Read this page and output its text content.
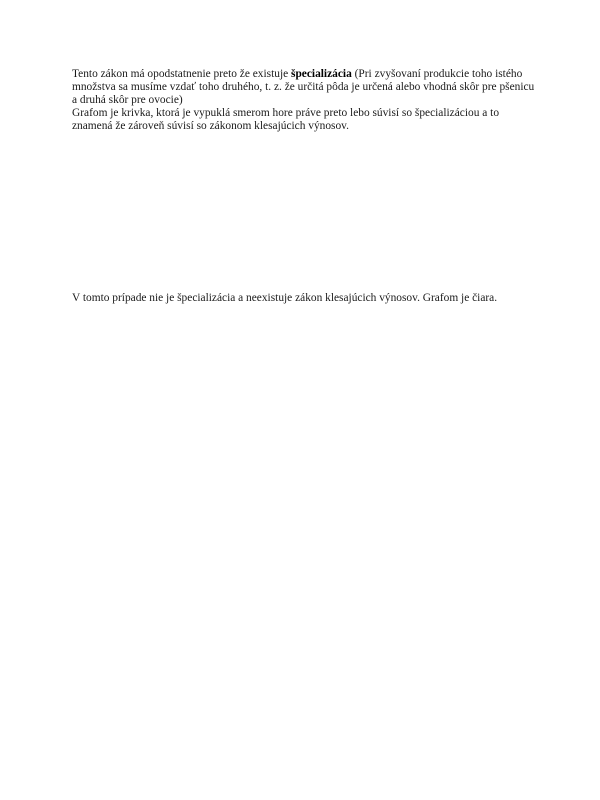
Tento zákon má opodstatnenie preto že existuje špecializácia (Pri zvyšovaní produkcie toho istého množstva sa musíme vzdať toho druhého, t. z. že určitá pôda je určená alebo vhodná skôr pre pšenicu a druhá skôr pre ovocie)

Grafom je krivka, ktorá je vypuklá smerom hore práve preto lebo súvisí so špecializáciou a to znamená že zároveň súvisí so zákonom klesajúcich výnosov.

V tomto prípade nie je špecializácia a neexistuje zákon klesajúcich výnosov. Grafom je čiara.
